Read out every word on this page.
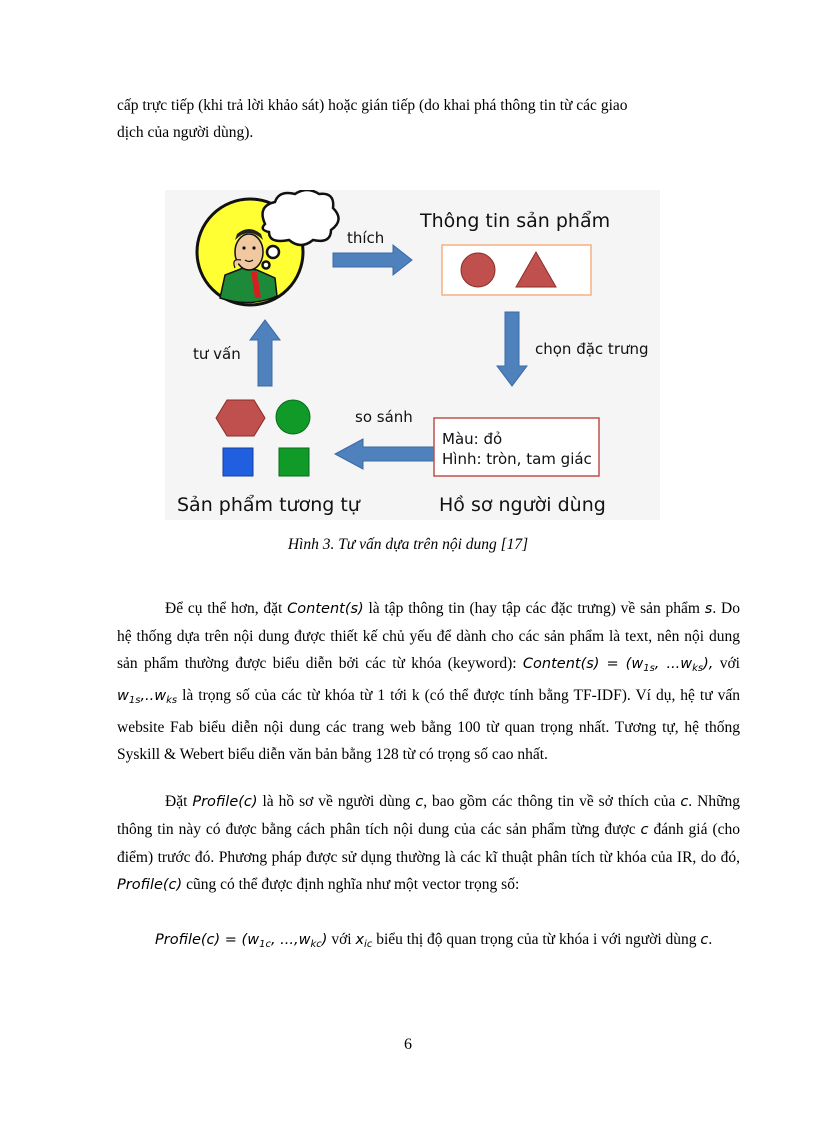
cấp trực tiếp (khi trả lời khảo sát) hoặc gián tiếp (do khai phá thông tin từ các giao
dịch của người dùng).
thích
Thông tin sản phẩm
chọn đặc trưng
tư vấn
so sánh
Màu: đỏ
Hình: tròn, tam giác
Sản phẩm tương tự	Hồ sơ người dùng
Hình 3. Tư vấn dựa trên nội dung [17]
Để cụ thể hơn, đặt Content(s) là tập thông tin (hay tập các đặc trưng) về sản phẩm s. Do hệ thống dựa trên nội dung được thiết kế chủ yếu để dành cho các sản phẩm là text, nên nội dung sản phẩm thường được biểu diễn bởi các từ khóa (keyword): Content(s) = ($w_{1s}$, $...w_{ks}$), với $w_{1s},..w_{ks}$ là trọng số của các từ khóa từ 1 tới k (có thể được tính bằng TF-IDF). Ví dụ, hệ tư vấn website Fab biểu diễn nội dung các trang web bằng 100 từ quan trọng nhất. Tương tự, hệ thống Syskill & Webert biểu diễn văn bản bằng 128 từ có trọng số cao nhất.
Đặt Profile(c) là hồ sơ về người dùng c, bao gồm các thông tin về sở thích của c. Những thông tin này có được bằng cách phân tích nội dung của các sản phẩm từng được c đánh giá (cho điểm) trước đó. Phương pháp được sử dụng thường là các kĩ thuật phân tích từ khóa của IR, do đó, Profile(c) cũng có thể được định nghĩa như một vector trọng số:
Profile(c) = ($w_{1c}$, $...,w_{kc}$) với $x_{ic}$ biểu thị độ quan trọng của từ khóa i với người dùng c.
6
